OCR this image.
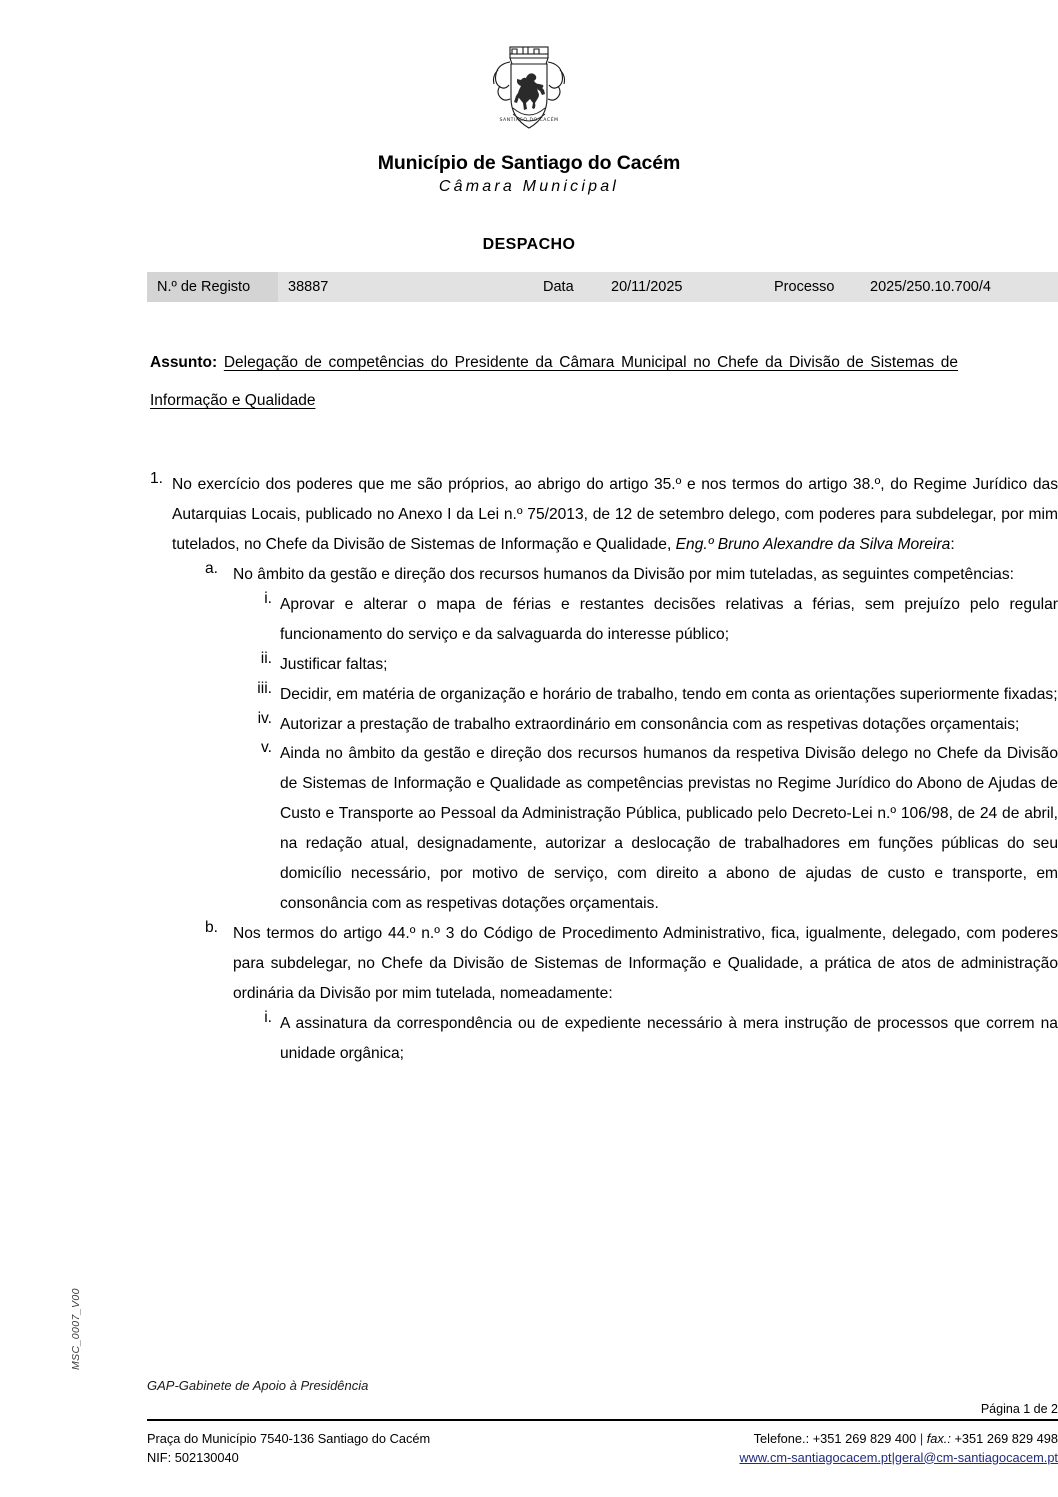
MSC_0007_V00
SANTIAGO DO CACÉM
Município de Santiago do Cacém
Câmara Municipal
DESPACHO
N.º de Registo	38887	Data	20/11/2025	Processo	2025/250.10.700/4
Assunto: Delegação de competências do Presidente da Câmara Municipal no Chefe da Divisão de Sistemas de Informação e Qualidade
1. No exercício dos poderes que me são próprios, ao abrigo do artigo 35.º e nos termos do artigo 38.º, do Regime Jurídico das Autarquias Locais, publicado no Anexo I da Lei n.º 75/2013, de 12 de setembro delego, com poderes para subdelegar, por mim tutelados, no Chefe da Divisão de Sistemas de Informação e Qualidade, Eng.º Bruno Alexandre da Silva Moreira:
a. No âmbito da gestão e direção dos recursos humanos da Divisão por mim tuteladas, as seguintes competências:
i. Aprovar e alterar o mapa de férias e restantes decisões relativas a férias, sem prejuízo pelo regular funcionamento do serviço e da salvaguarda do interesse público;
ii. Justificar faltas;
iii. Decidir, em matéria de organização e horário de trabalho, tendo em conta as orientações superiormente fixadas;
iv. Autorizar a prestação de trabalho extraordinário em consonância com as respetivas dotações orçamentais;
v. Ainda no âmbito da gestão e direção dos recursos humanos da respetiva Divisão delego no Chefe da Divisão de Sistemas de Informação e Qualidade as competências previstas no Regime Jurídico do Abono de Ajudas de Custo e Transporte ao Pessoal da Administração Pública, publicado pelo Decreto-Lei n.º 106/98, de 24 de abril, na redação atual, designadamente, autorizar a deslocação de trabalhadores em funções públicas do seu domicílio necessário, por motivo de serviço, com direito a abono de ajudas de custo e transporte, em consonância com as respetivas dotações orçamentais.
b. Nos termos do artigo 44.º n.º 3 do Código de Procedimento Administrativo, fica, igualmente, delegado, com poderes para subdelegar, no Chefe da Divisão de Sistemas de Informação e Qualidade, a prática de atos de administração ordinária da Divisão por mim tutelada, nomeadamente:
i. A assinatura da correspondência ou de expediente necessário à mera instrução de processos que correm na unidade orgânica;
GAP-Gabinete de Apoio à Presidência
Página 1 de 2
Praça do Município 7540-136 Santiago do Cacém
NIF: 502130040
Telefone.: +351 269 829 400 | fax.: +351 269 829 498
www.cm-santiagocacem.pt|geral@cm-santiagocacem.pt
